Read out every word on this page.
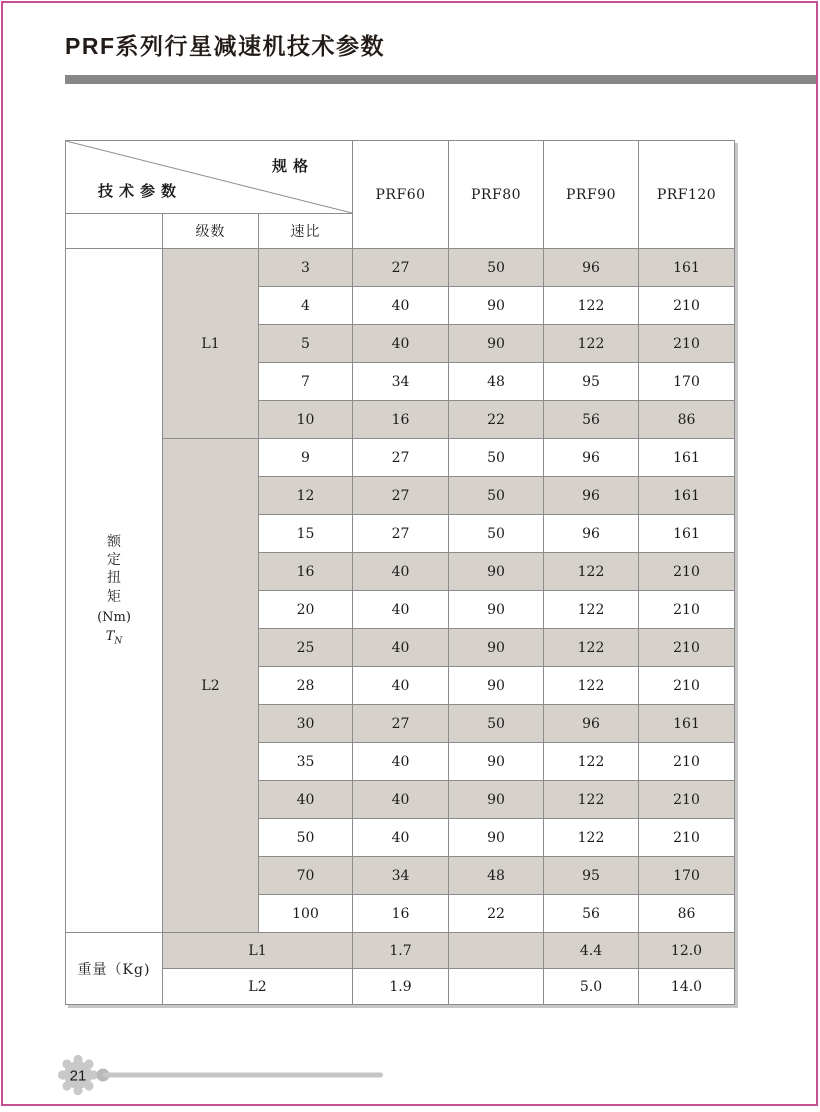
PRF系列行星减速机技术参数
规格
技术参数			PRF60	PRF80	PRF90	PRF120
	级数	速比				

额
定
扭
矩
(Nm)
$T_N$
	L1	3	27	50	96	161
		4	40	90	122	210
		5	40	90	122	210
		7	34	48	95	170
		10	16	22	56	86
	L2	9	27	50	96	161
		12	27	50	96	161
		15	27	50	96	161
		16	40	90	122	210
		20	40	90	122	210
		25	40	90	122	210
		28	40	90	122	210
		30	27	50	96	161
		35	40	90	122	210
		40	40	90	122	210
		50	40	90	122	210
		70	34	48	95	170
		100	16	22	56	86
重量（Kg)	L1		1.7		4.4	12.0
	L2		1.9		5.0	14.0
21
